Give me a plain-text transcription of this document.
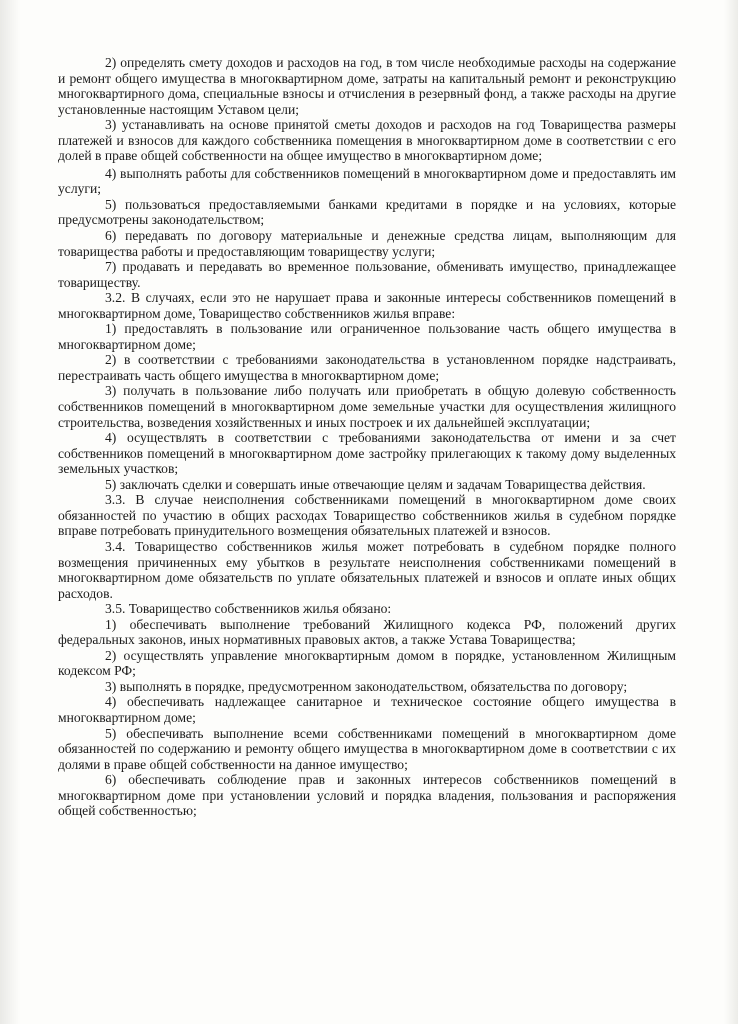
2) определять смету доходов и расходов на год, в том числе необходимые расходы на содержание и ремонт общего имущества в многоквартирном доме, затраты на капитальный ремонт и реконструкцию многоквартирного дома, специальные взносы и отчисления в резервный фонд, а также расходы на другие установленные настоящим Уставом цели;

3) устанавливать на основе принятой сметы доходов и расходов на год Товарищества размеры платежей и взносов для каждого собственника помещения в многоквартирном доме в соответствии с его долей в праве общей собственности на общее имущество в многоквартирном доме;

4) выполнять работы для собственников помещений в многоквартирном доме и предоставлять им услуги;

5) пользоваться предоставляемыми банками кредитами в порядке и на условиях, которые предусмотрены законодательством;

6) передавать по договору материальные и денежные средства лицам, выполняющим для товарищества работы и предоставляющим товариществу услуги;

7) продавать и передавать во временное пользование, обменивать имущество, принадлежащее товариществу.

3.2. В случаях, если это не нарушает права и законные интересы собственников помещений в многоквартирном доме, Товарищество собственников жилья вправе:

1) предоставлять в пользование или ограниченное пользование часть общего имущества в многоквартирном доме;

2) в соответствии с требованиями законодательства в установленном порядке надстраивать, перестраивать часть общего имущества в многоквартирном доме;

3) получать в пользование либо получать или приобретать в общую долевую собственность собственников помещений в многоквартирном доме земельные участки для осуществления жилищного строительства, возведения хозяйственных и иных построек и их дальнейшей эксплуатации;

4) осуществлять в соответствии с требованиями законодательства от имени и за счет собственников помещений в многоквартирном доме застройку прилегающих к такому дому выделенных земельных участков;

5) заключать сделки и совершать иные отвечающие целям и задачам Товарищества действия.

3.3. В случае неисполнения собственниками помещений в многоквартирном доме своих обязанностей по участию в общих расходах Товарищество собственников жилья в судебном порядке вправе потребовать принудительного возмещения обязательных платежей и взносов.

3.4. Товарищество собственников жилья может потребовать в судебном порядке полного возмещения причиненных ему убытков в результате неисполнения собственниками помещений в многоквартирном доме обязательств по уплате обязательных платежей и взносов и оплате иных общих расходов.

3.5. Товарищество собственников жилья обязано:

1) обеспечивать выполнение требований Жилищного кодекса РФ, положений других федеральных законов, иных нормативных правовых актов, а также Устава Товарищества;

2) осуществлять управление многоквартирным домом в порядке, установленном Жилищным кодексом РФ;

3) выполнять в порядке, предусмотренном законодательством, обязательства по договору;

4) обеспечивать надлежащее санитарное и техническое состояние общего имущества в многоквартирном доме;

5) обеспечивать выполнение всеми собственниками помещений в многоквартирном доме обязанностей по содержанию и ремонту общего имущества в многоквартирном доме в соответствии с их долями в праве общей собственности на данное имущество;

6) обеспечивать соблюдение прав и законных интересов собственников помещений в многоквартирном доме при установлении условий и порядка владения, пользования и распоряжения общей собственностью;
